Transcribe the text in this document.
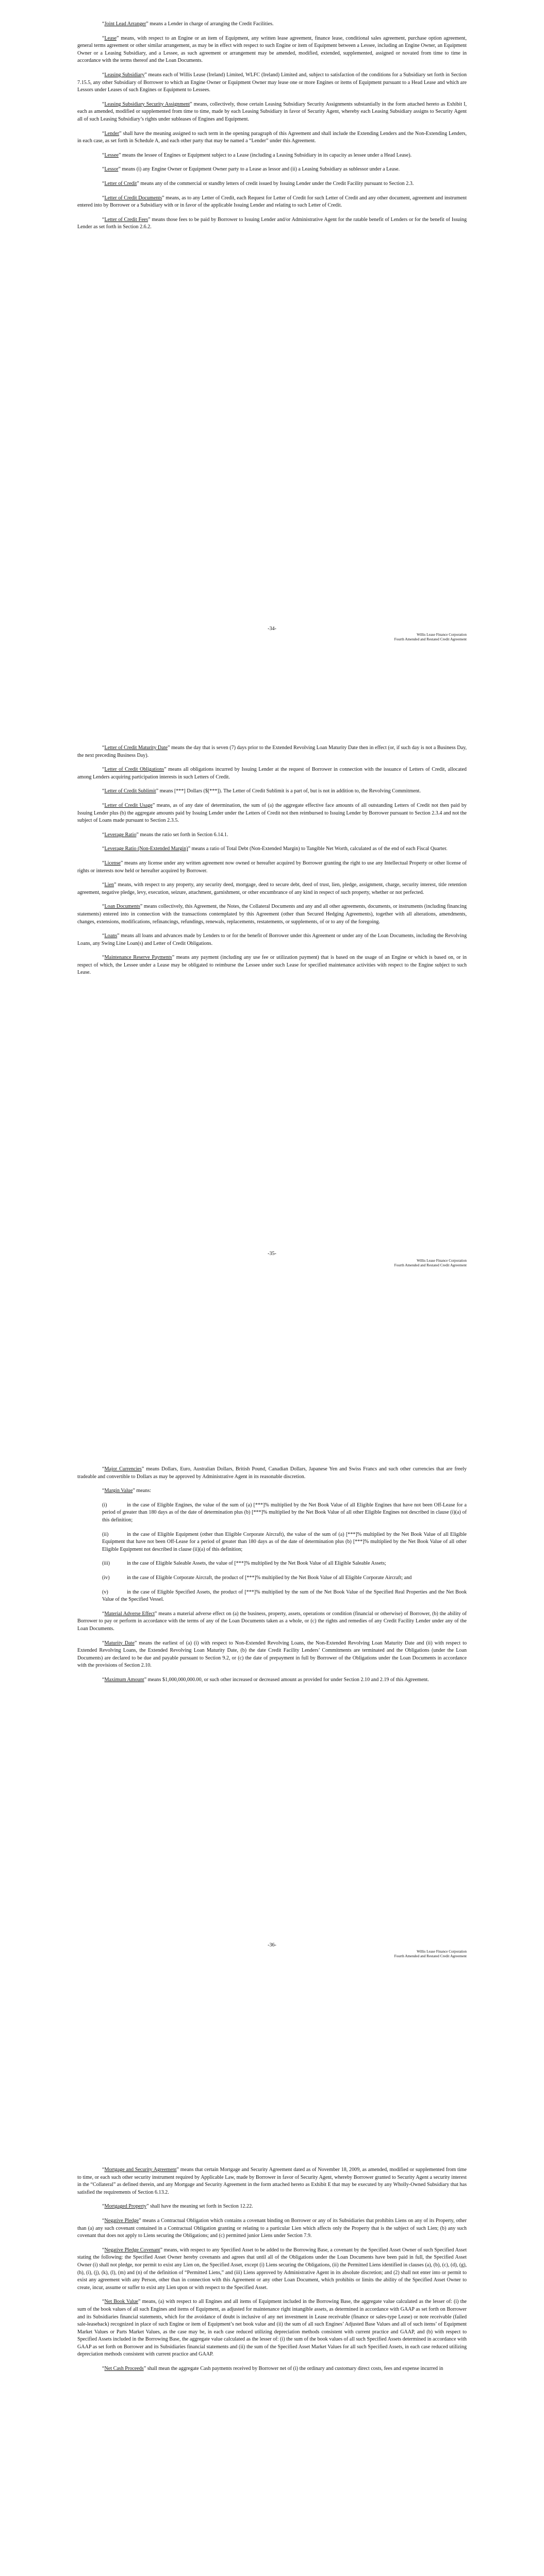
“Joint Lead Arranger” means a Lender in charge of arranging the Credit Facilities.

“Lease” means, with respect to an Engine or an item of Equipment, any written lease agreement, finance lease, conditional sales agreement, purchase option agreement, general terms agreement or other similar arrangement, as may be in effect with respect to such Engine or item of Equipment between a Lessee, including an Engine Owner, an Equipment Owner or a Leasing Subsidiary, and a Lessee, as such agreement or arrangement may be amended, modified, extended, supplemented, assigned or novated from time to time in accordance with the terms thereof and the Loan Documents.

“Leasing Subsidiary” means each of Willis Lease (Ireland) Limited, WLFC (Ireland) Limited and, subject to satisfaction of the conditions for a Subsidiary set forth in Section 7.15.5, any other Subsidiary of Borrower to which an Engine Owner or Equipment Owner may lease one or more Engines or items of Equipment pursuant to a Head Lease and which are Lessors under Leases of such Engines or Equipment to Lessees.

“Leasing Subsidiary Security Assignment” means, collectively, those certain Leasing Subsidiary Security Assignments substantially in the form attached hereto as Exhibit I, each as amended, modified or supplemented from time to time, made by each Leasing Subsidiary in favor of Security Agent, whereby each Leasing Subsidiary assigns to Security Agent all of such Leasing Subsidiary’s rights under subleases of Engines and Equipment.

“Lender” shall have the meaning assigned to such term in the opening paragraph of this Agreement and shall include the Extending Lenders and the Non-Extending Lenders, in each case, as set forth in Schedule A, and each other party that may be named a “Lender” under this Agreement.

“Lessee” means the lessee of Engines or Equipment subject to a Lease (including a Leasing Subsidiary in its capacity as lessee under a Head Lease).

“Lessor” means (i) any Engine Owner or Equipment Owner party to a Lease as lessor and (ii) a Leasing Subsidiary as sublessor under a Lease.

“Letter of Credit” means any of the commercial or standby letters of credit issued by Issuing Lender under the Credit Facility pursuant to Section 2.3.

“Letter of Credit Documents” means, as to any Letter of Credit, each Request for Letter of Credit for such Letter of Credit and any other document, agreement and instrument entered into by Borrower or a Subsidiary with or in favor of the applicable Issuing Lender and relating to such Letter of Credit.

“Letter of Credit Fees” means those fees to be paid by Borrower to Issuing Lender and/or Administrative Agent for the ratable benefit of Lenders or for the benefit of Issuing Lender as set forth in Section 2.6.2.

-34-
Willis Lease Finance Corporation
Fourth Amended and Restated Credit Agreement

“Letter of Credit Maturity Date” means the day that is seven (7) days prior to the Extended Revolving Loan Maturity Date then in effect (or, if such day is not a Business Day, the next preceding Business Day).

“Letter of Credit Obligations” means all obligations incurred by Issuing Lender at the request of Borrower in connection with the issuance of Letters of Credit, allocated among Lenders acquiring participation interests in such Letters of Credit.

“Letter of Credit Sublimit” means [***] Dollars ($[***]). The Letter of Credit Sublimit is a part of, but is not in addition to, the Revolving Commitment.

“Letter of Credit Usage” means, as of any date of determination, the sum of (a) the aggregate effective face amounts of all outstanding Letters of Credit not then paid by Issuing Lender plus (b) the aggregate amounts paid by Issuing Lender under the Letters of Credit not then reimbursed to Issuing Lender by Borrower pursuant to Section 2.3.4 and not the subject of Loans made pursuant to Section 2.3.5.

“Leverage Ratio” means the ratio set forth in Section 6.14.1.

“Leverage Ratio (Non-Extended Margin)” means a ratio of Total Debt (Non-Extended Margin) to Tangible Net Worth, calculated as of the end of each Fiscal Quarter.

“License” means any license under any written agreement now owned or hereafter acquired by Borrower granting the right to use any Intellectual Property or other license of rights or interests now held or hereafter acquired by Borrower.

“Lien” means, with respect to any property, any security deed, mortgage, deed to secure debt, deed of trust, lien, pledge, assignment, charge, security interest, title retention agreement, negative pledge, levy, execution, seizure, attachment, garnishment, or other encumbrance of any kind in respect of such property, whether or not perfected.

“Loan Documents” means collectively, this Agreement, the Notes, the Collateral Documents and any and all other agreements, documents, or instruments (including financing statements) entered into in connection with the transactions contemplated by this Agreement (other than Secured Hedging Agreements), together with all alterations, amendments, changes, extensions, modifications, refinancings, refundings, renewals, replacements, restatements, or supplements, of or to any of the foregoing.

“Loans” means all loans and advances made by Lenders to or for the benefit of Borrower under this Agreement or under any of the Loan Documents, including the Revolving Loans, any Swing Line Loan(s) and Letter of Credit Obligations.

“Maintenance Reserve Payments” means any payment (including any use fee or utilization payment) that is based on the usage of an Engine or which is based on, or in respect of which, the Lessee under a Lease may be obligated to reimburse the Lessee under such Lease for specified maintenance activities with respect to the Engine subject to such Lease.

-35-
Willis Lease Finance Corporation
Fourth Amended and Restated Credit Agreement

“Major Currencies” means Dollars, Euro, Australian Dollars, British Pound, Canadian Dollars, Japanese Yen and Swiss Francs and such other currencies that are freely tradeable and convertible to Dollars as may be approved by Administrative Agent in its reasonable discretion.

“Margin Value” means:

(i)	in the case of Eligible Engines, the value of the sum of (a) [***]% multiplied by the Net Book Value of all Eligible Engines that have not been Off-Lease for a period of greater than 180 days as of the date of determination plus (b) [***]% multiplied by the Net Book Value of all other Eligible Engines not described in clause (i)(a) of this definition;

(ii)	in the case of Eligible Equipment (other than Eligible Corporate Aircraft), the value of the sum of (a) [***]% multiplied by the Net Book Value of all Eligible Equipment that have not been Off-Lease for a period of greater than 180 days as of the date of determination plus (b) [***]% multiplied by the Net Book Value of all other Eligible Equipment not described in clause (ii)(a) of this definition;

(iii)	in the case of Eligible Saleable Assets, the value of [***]% multiplied by the Net Book Value of all Eligible Saleable Assets;

(iv)	in the case of Eligible Corporate Aircraft, the product of [***]% multiplied by the Net Book Value of all Eligible Corporate Aircraft; and

(v)	in the case of Eligible Specified Assets, the product of [***]% multiplied by the sum of the Net Book Value of the Specified Real Properties and the Net Book Value of the Specified Vessel.

“Material Adverse Effect” means a material adverse effect on (a) the business, property, assets, operations or condition (financial or otherwise) of Borrower, (b) the ability of Borrower to pay or perform in accordance with the terms of any of the Loan Documents taken as a whole, or (c) the rights and remedies of any Credit Facility Lender under any of the Loan Documents.

“Maturity Date” means the earliest of (a) (i) with respect to Non-Extended Revolving Loans, the Non-Extended Revolving Loan Maturity Date and (ii) with respect to Extended Revolving Loans, the Extended Revolving Loan Maturity Date, (b) the date Credit Facility Lenders’ Commitments are terminated and the Obligations (under the Loan Documents) are declared to be due and payable pursuant to Section 9.2, or (c) the date of prepayment in full by Borrower of the Obligations under the Loan Documents in accordance with the provisions of Section 2.10.

“Maximum Amount” means $1,000,000,000.00, or such other increased or decreased amount as provided for under Section 2.10 and 2.19 of this Agreement.

-36-
Willis Lease Finance Corporation
Fourth Amended and Restated Credit Agreement

“Mortgage and Security Agreement” means that certain Mortgage and Security Agreement dated as of November 18, 2009, as amended, modified or supplemented from time to time, or each such other security instrument required by Applicable Law, made by Borrower in favor of Security Agent, whereby Borrower granted to Security Agent a security interest in the “Collateral” as defined therein, and any Mortgage and Security Agreement in the form attached hereto as Exhibit E that may be executed by any Wholly-Owned Subsidiary that has satisfied the requirements of Section 6.13.2.

“Mortgaged Property” shall have the meaning set forth in Section 12.22.

“Negative Pledge” means a Contractual Obligation which contains a covenant binding on Borrower or any of its Subsidiaries that prohibits Liens on any of its Property, other than (a) any such covenant contained in a Contractual Obligation granting or relating to a particular Lien which affects only the Property that is the subject of such Lien; (b) any such covenant that does not apply to Liens securing the Obligations; and (c) permitted junior Liens under Section 7.9.

“Negative Pledge Covenant” means, with respect to any Specified Asset to be added to the Borrowing Base, a covenant by the Specified Asset Owner of such Specified Asset stating the following: the Specified Asset Owner hereby covenants and agrees that until all of the Obligations under the Loan Documents have been paid in full, the Specified Asset Owner (i) shall not pledge, nor permit to exist any Lien on, the Specified Asset, except (i) Liens securing the Obligations, (ii) the Permitted Liens identified in clauses (a), (b), (c), (d), (g), (h), (i), (j), (k), (l), (m) and (n) of the definition of “Permitted Liens,” and (iii) Liens approved by Administrative Agent in its absolute discretion; and (2) shall not enter into or permit to exist any agreement with any Person, other than in connection with this Agreement or any other Loan Document, which prohibits or limits the ability of the Specified Asset Owner to create, incur, assume or suffer to exist any Lien upon or with respect to the Specified Asset.

“Net Book Value” means, (a) with respect to all Engines and all items of Equipment included in the Borrowing Base, the aggregate value calculated as the lesser of: (i) the sum of the book values of all such Engines and items of Equipment, as adjusted for maintenance right intangible assets, as determined in accordance with GAAP as set forth on Borrower and its Subsidiaries financial statements, which for the avoidance of doubt is inclusive of any net investment in Lease receivable (finance or sales-type Lease) or note receivable (failed sale-leaseback) recognized in place of such Engine or item of Equipment’s net book value and (ii) the sum of all such Engines’ Adjusted Base Values and all of such items’ of Equipment Market Values or Parts Market Values, as the case may be, in each case reduced utilizing depreciation methods consistent with current practice and GAAP, and (b) with respect to Specified Assets included in the Borrowing Base, the aggregate value calculated as the lesser of: (i) the sum of the book values of all such Specified Assets determined in accordance with GAAP as set forth on Borrower and its Subsidiaries financial statements and (ii) the sum of the Specified Asset Market Values for all such Specified Assets, in each case reduced utilizing depreciation methods consistent with current practice and GAAP.

“Net Cash Proceeds” shall mean the aggregate Cash payments received by Borrower net of (i) the ordinary and customary direct costs, fees and expense incurred in
